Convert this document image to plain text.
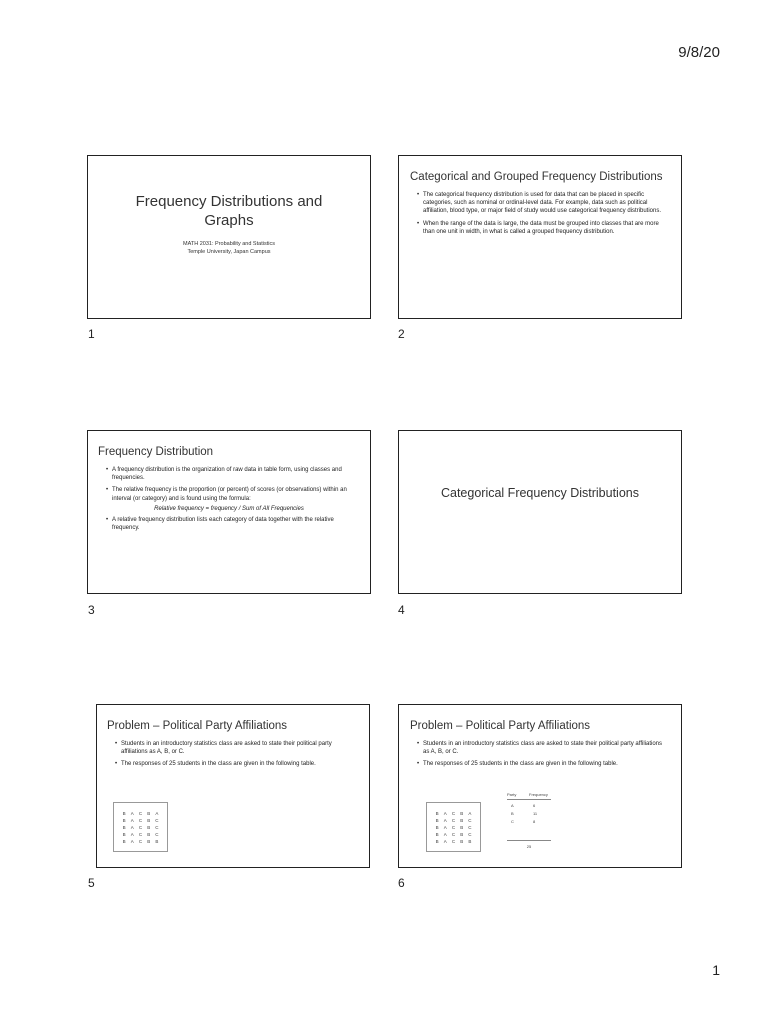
9/8/20
Frequency Distributions and
Graphs
MATH 2031: Probability and Statistics
Temple University, Japan Campus
1
Categorical and Grouped Frequency Distributions
• The categorical frequency distribution is used for data that can be placed in specific categories, such as nominal or ordinal-level data. For example, data such as political affiliation, blood type, or major field of study would use categorical frequency distributions.
• When the range of the data is large, the data must be grouped into classes that are more than one unit in width, in what is called a grouped frequency distribution.
2
Frequency Distribution
• A frequency distribution is the organization of raw data in table form, using classes and frequencies.
• The relative frequency is the proportion (or percent) of scores (or observations) within an interval (or category) and is found using the formula:
Relative frequency = frequency / Sum of All Frequencies
• A relative frequency distribution lists each category of data together with the relative frequency.
3
Categorical Frequency Distributions
4
Problem – Political Party Affiliations
• Students in an introductory statistics class are asked to state their political party affiliations as A, B, or C.
• The responses of 25 students in the class are given in the following table.
B	A	C	B	A
B	A	C	B	C
B	A	C	B	C
B	A	C	B	C
B	A	C	B	B
5
Problem – Political Party Affiliations
• Students in an introductory statistics class are asked to state their political party affiliations as A, B, or C.
• The responses of 25 students in the class are given in the following table.
B	A	C	B	A
B	A	C	B	C
B	A	C	B	C
B	A	C	B	C
B	A	C	B	B
Party	Frequency
A	6
B	11
C	8
25
6
1
